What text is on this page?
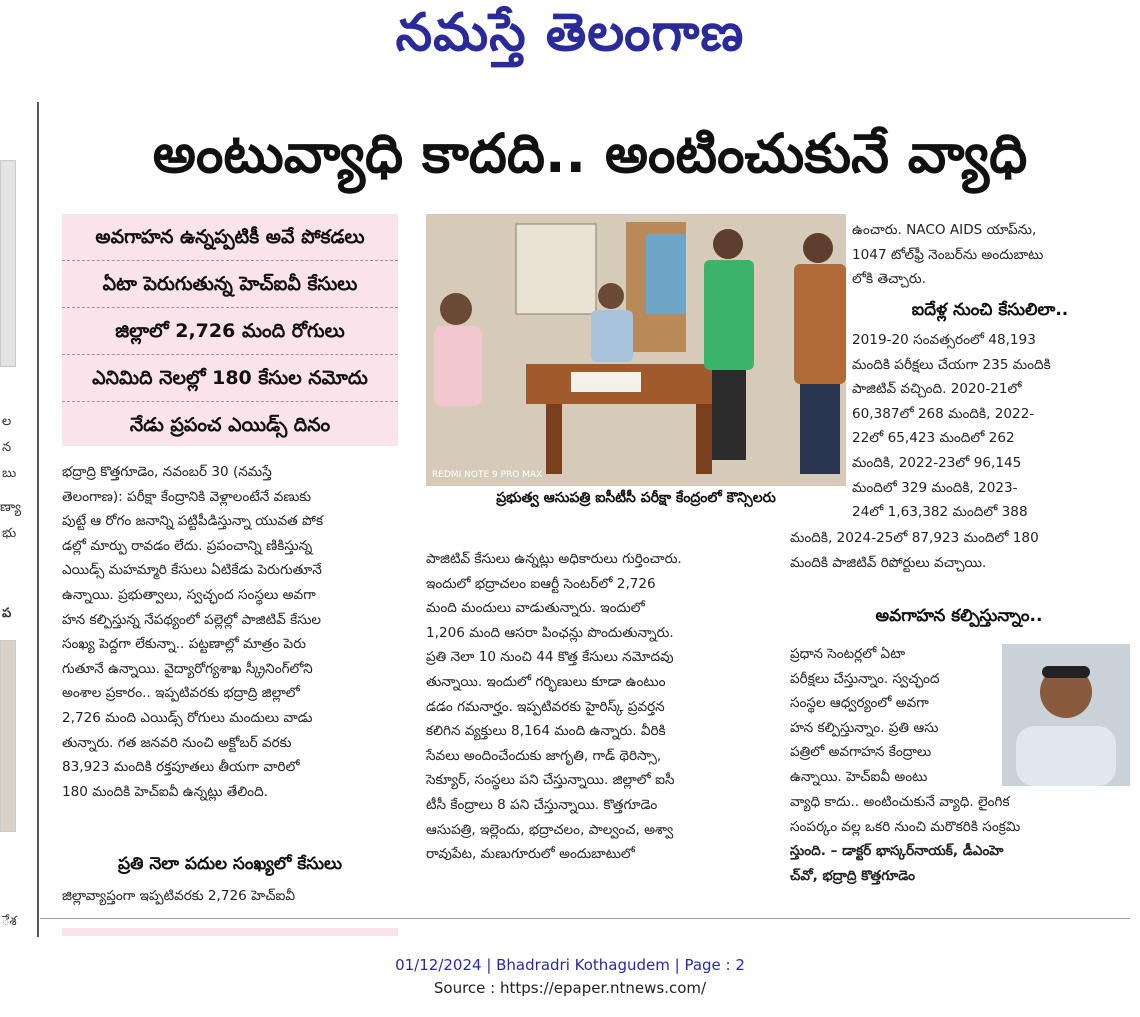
నమస్తే తెలంగాణ
ల
న
బు
ణ్యా
భు
ప
ేశ
అంటువ్యాధి కాదది.. అంటించుకునే వ్యాధి
అవగాహన ఉన్నప్పటికీ అవే పోకడలు
ఏటా పెరుగుతున్న హెచ్ఐవీ కేసులు
జిల్లాలో 2,726 మంది రోగులు
ఎనిమిది నెలల్లో 180 కేసుల నమోదు
నేడు ప్రపంచ ఎయిడ్స్ దినం
భద్రాద్రి కొత్తగూడెం, నవంబర్ 30 (నమస్తే
తెలంగాణ): పరీక్షా కేంద్రానికి వెళ్లాలంటేనే వణుకు
పుట్టే ఆ రోగం జనాన్ని పట్టిపీడిస్తున్నా యువత పోక
డల్లో మార్పు రావడం లేదు. ప్రపంచాన్ని ణికిస్తున్న
ఎయిడ్స్ మహమ్మారి కేసులు ఏటికేడు పెరుగుతూనే
ఉన్నాయి. ప్రభుత్వాలు, స్వచ్ఛంద సంస్థలు అవగా
హన కల్పిస్తున్న నేపథ్యంలో పల్లెల్లో పాజిటివ్ కేసుల
సంఖ్య పెద్దగా లేకున్నా.. పట్టణాల్లో మాత్రం పెరు
గుతూనే ఉన్నాయి. వైద్యారోగ్యశాఖ స్క్రీనింగ్‌లోని
అంశాల ప్రకారం.. ఇప్పటివరకు భద్రాద్రి జిల్లాలో
2,726 మంది ఎయిడ్స్ రోగులు మందులు వాడు
తున్నారు. గత జనవరి నుంచి అక్టోబర్ వరకు
83,923 మందికి రక్తపూతలు తీయగా వారిలో
180 మందికి హెచ్ఐవీ ఉన్నట్లు తేలింది.
ప్రతి నెలా పదుల సంఖ్యలో కేసులు
జిల్లావ్యాప్తంగా ఇప్పటివరకు 2,726 హెచ్ఐవీ
REDMI NOTE 9 PRO MAX
ప్రభుత్వ ఆసుపత్రి ఐసీటీసీ పరీక్షా కేంద్రంలో కౌన్సిలరు
పాజిటివ్ కేసులు ఉన్నట్లు అధికారులు గుర్తించారు.
ఇందులో భద్రాచలం ఐఆర్టీ సెంటర్‌లో 2,726
మంది మందులు వాడుతున్నారు. ఇందులో
1,206 మంది ఆసరా పింఛన్లు పొందుతున్నారు.
ప్రతి నెలా 10 నుంచి 44 కొత్త కేసులు నమోదవు
తున్నాయి. ఇందులో గర్భిణులు కూడా ఉంటుం
డడం గమనార్హం. ఇప్పటివరకు హైరిస్క్ ప్రవర్తన
కలిగిన వ్యక్తులు 8,164 మంది ఉన్నారు. వీరికి
సేవలు అందించేందుకు జాగృతి, గాడ్ థెరిస్సా,
సెక్యూర్, సంస్థలు పని చేస్తున్నాయి. జిల్లాలో ఐసీ
టీసీ కేంద్రాలు 8 పని చేస్తున్నాయి. కొత్తగూడెం
ఆసుపత్రి, ఇల్లెందు, భద్రాచలం, పాల్వంచ, అశ్వా
రావుపేట, మణుగూరులో అందుబాటులో
ఉంచారు. NACO AIDS యాప్‌ను,
1047 టోల్‌ఫ్రీ నెంబర్‌ను అందుబాటు
లోకి తెచ్చారు.
ఐదేళ్ల నుంచి కేసులిలా..
2019-20 సంవత్సరంలో 48,193
మందికి పరీక్షలు చేయగా 235 మందికి
పాజిటివ్ వచ్చింది. 2020-21లో
60,387లో 268 మందికి, 2022-
22లో 65,423 మందిలో 262
మందికి, 2022-23లో 96,145
మందిలో 329 మందికి, 2023-
24లో 1,63,382 మందిలో 388
మందికి, 2024-25లో 87,923 మందిలో 180
మందికి పాజిటివ్ రిపోర్టులు వచ్చాయి.
అవగాహన కల్పిస్తున్నాం..
ప్రధాన సెంటర్లలో ఏటా
పరీక్షలు చేస్తున్నాం. స్వచ్ఛంద
సంస్థల ఆధ్వర్యంలో అవగా
హన కల్పిస్తున్నాం. ప్రతి ఆసు
పత్రిలో అవగాహన కేంద్రాలు
ఉన్నాయి. హెచ్ఐవీ అంటు
వ్యాధి కాదు.. అంటించుకునే వ్యాధి. లైంగిక
సంపర్కం వల్ల ఒకరి నుంచి మరొకరికి సంక్రమి
స్తుంది. – డాక్టర్ భాస్కర్‌నాయక్, డీఎంహె
చ్‌వో, భద్రాద్రి కొత్తగూడెం
01/12/2024 | Bhadradri Kothagudem | Page : 2
Source : https://epaper.ntnews.com/
